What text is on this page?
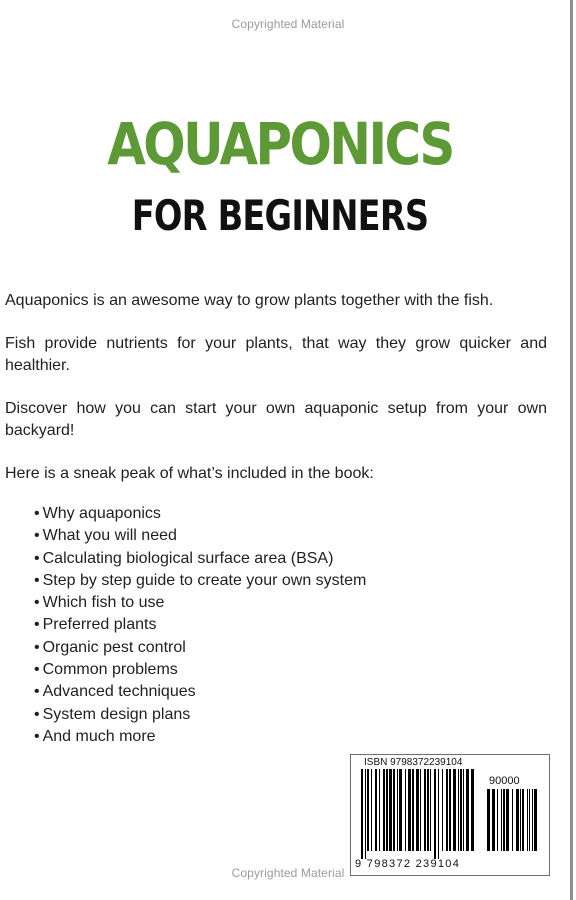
Copyrighted Material
AQUAPONICS
FOR BEGINNERS

Aquaponics is an awesome way to grow plants together with the fish.

Fish provide nutrients for your plants, that way they grow quicker and healthier.

Discover how you can start your own aquaponic setup from your own backyard!

Here is a sneak peak of what’s included in the book:

• Why aquaponics
• What you will need
• Calculating biological surface area (BSA)
• Step by step guide to create your own system
• Which fish to use
• Preferred plants
• Organic pest control
• Common problems
• Advanced techniques
• System design plans
• And much more
ISBN 9798372239104
90000
9 798372 239104
Copyrighted Material
